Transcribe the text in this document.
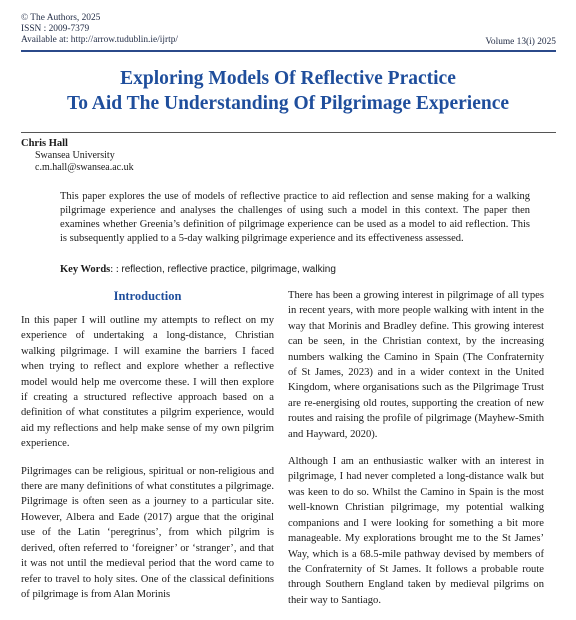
© The Authors, 2025
ISSN : 2009-7379
Available at: http://arrow.tudublin.ie/ijrtp/	Volume 13(i) 2025
Exploring Models Of Reflective Practice
To Aid The Understanding Of Pilgrimage Experience
Chris Hall
Swansea University
c.m.hall@swansea.ac.uk
This paper explores the use of models of reflective practice to aid reflection and sense making for a walking pilgrimage experience and analyses the challenges of using such a model in this context. The paper then examines whether Greenia’s definition of pilgrimage experience can be used as a model to aid reflection. This is subsequently applied to a 5-day walking pilgrimage experience and its effectiveness assessed.
Key Words: : reflection, reflective practice, pilgrimage, walking
Introduction

In this paper I will outline my attempts to reflect on my experience of undertaking a long-distance, Christian walking pilgrimage. I will examine the barriers I faced when trying to reflect and explore whether a reflective model would help me overcome these. I will then explore if creating a structured reflective approach based on a definition of what constitutes a pilgrim experience, would aid my reflections and help make sense of my own pilgrim experience.

Pilgrimages can be religious, spiritual or non-religious and there are many definitions of what constitutes a pilgrimage. Pilgrimage is often seen as a journey to a particular site. However, Albera and Eade (2017) argue that the original use of the Latin ‘peregrinus’, from which pilgrim is derived, often referred to ‘foreigner’ or ‘stranger’, and that it was not until the medieval period that the word came to refer to travel to holy sites. One of the classical definitions of pilgrimage is from Alan Morinis

There has been a growing interest in pilgrimage of all types in recent years, with more people walking with intent in the way that Morinis and Bradley define. This growing interest can be seen, in the Christian context, by the increasing numbers walking the Camino in Spain (The Confraternity of St James, 2023) and in a wider context in the United Kingdom, where organisations such as the Pilgrimage Trust are re-energising old routes, supporting the creation of new routes and raising the profile of pilgrimage (Mayhew-Smith and Hayward, 2020).

Although I am an enthusiastic walker with an interest in pilgrimage, I had never completed a long-distance walk but was keen to do so. Whilst the Camino in Spain is the most well-known Christian pilgrimage, my potential walking companions and I were looking for something a bit more manageable. My explorations brought me to the St James’ Way, which is a 68.5-mile pathway devised by members of the Confraternity of St James. It follows a probable route through Southern England taken by medieval pilgrims on their way to Santiago.
